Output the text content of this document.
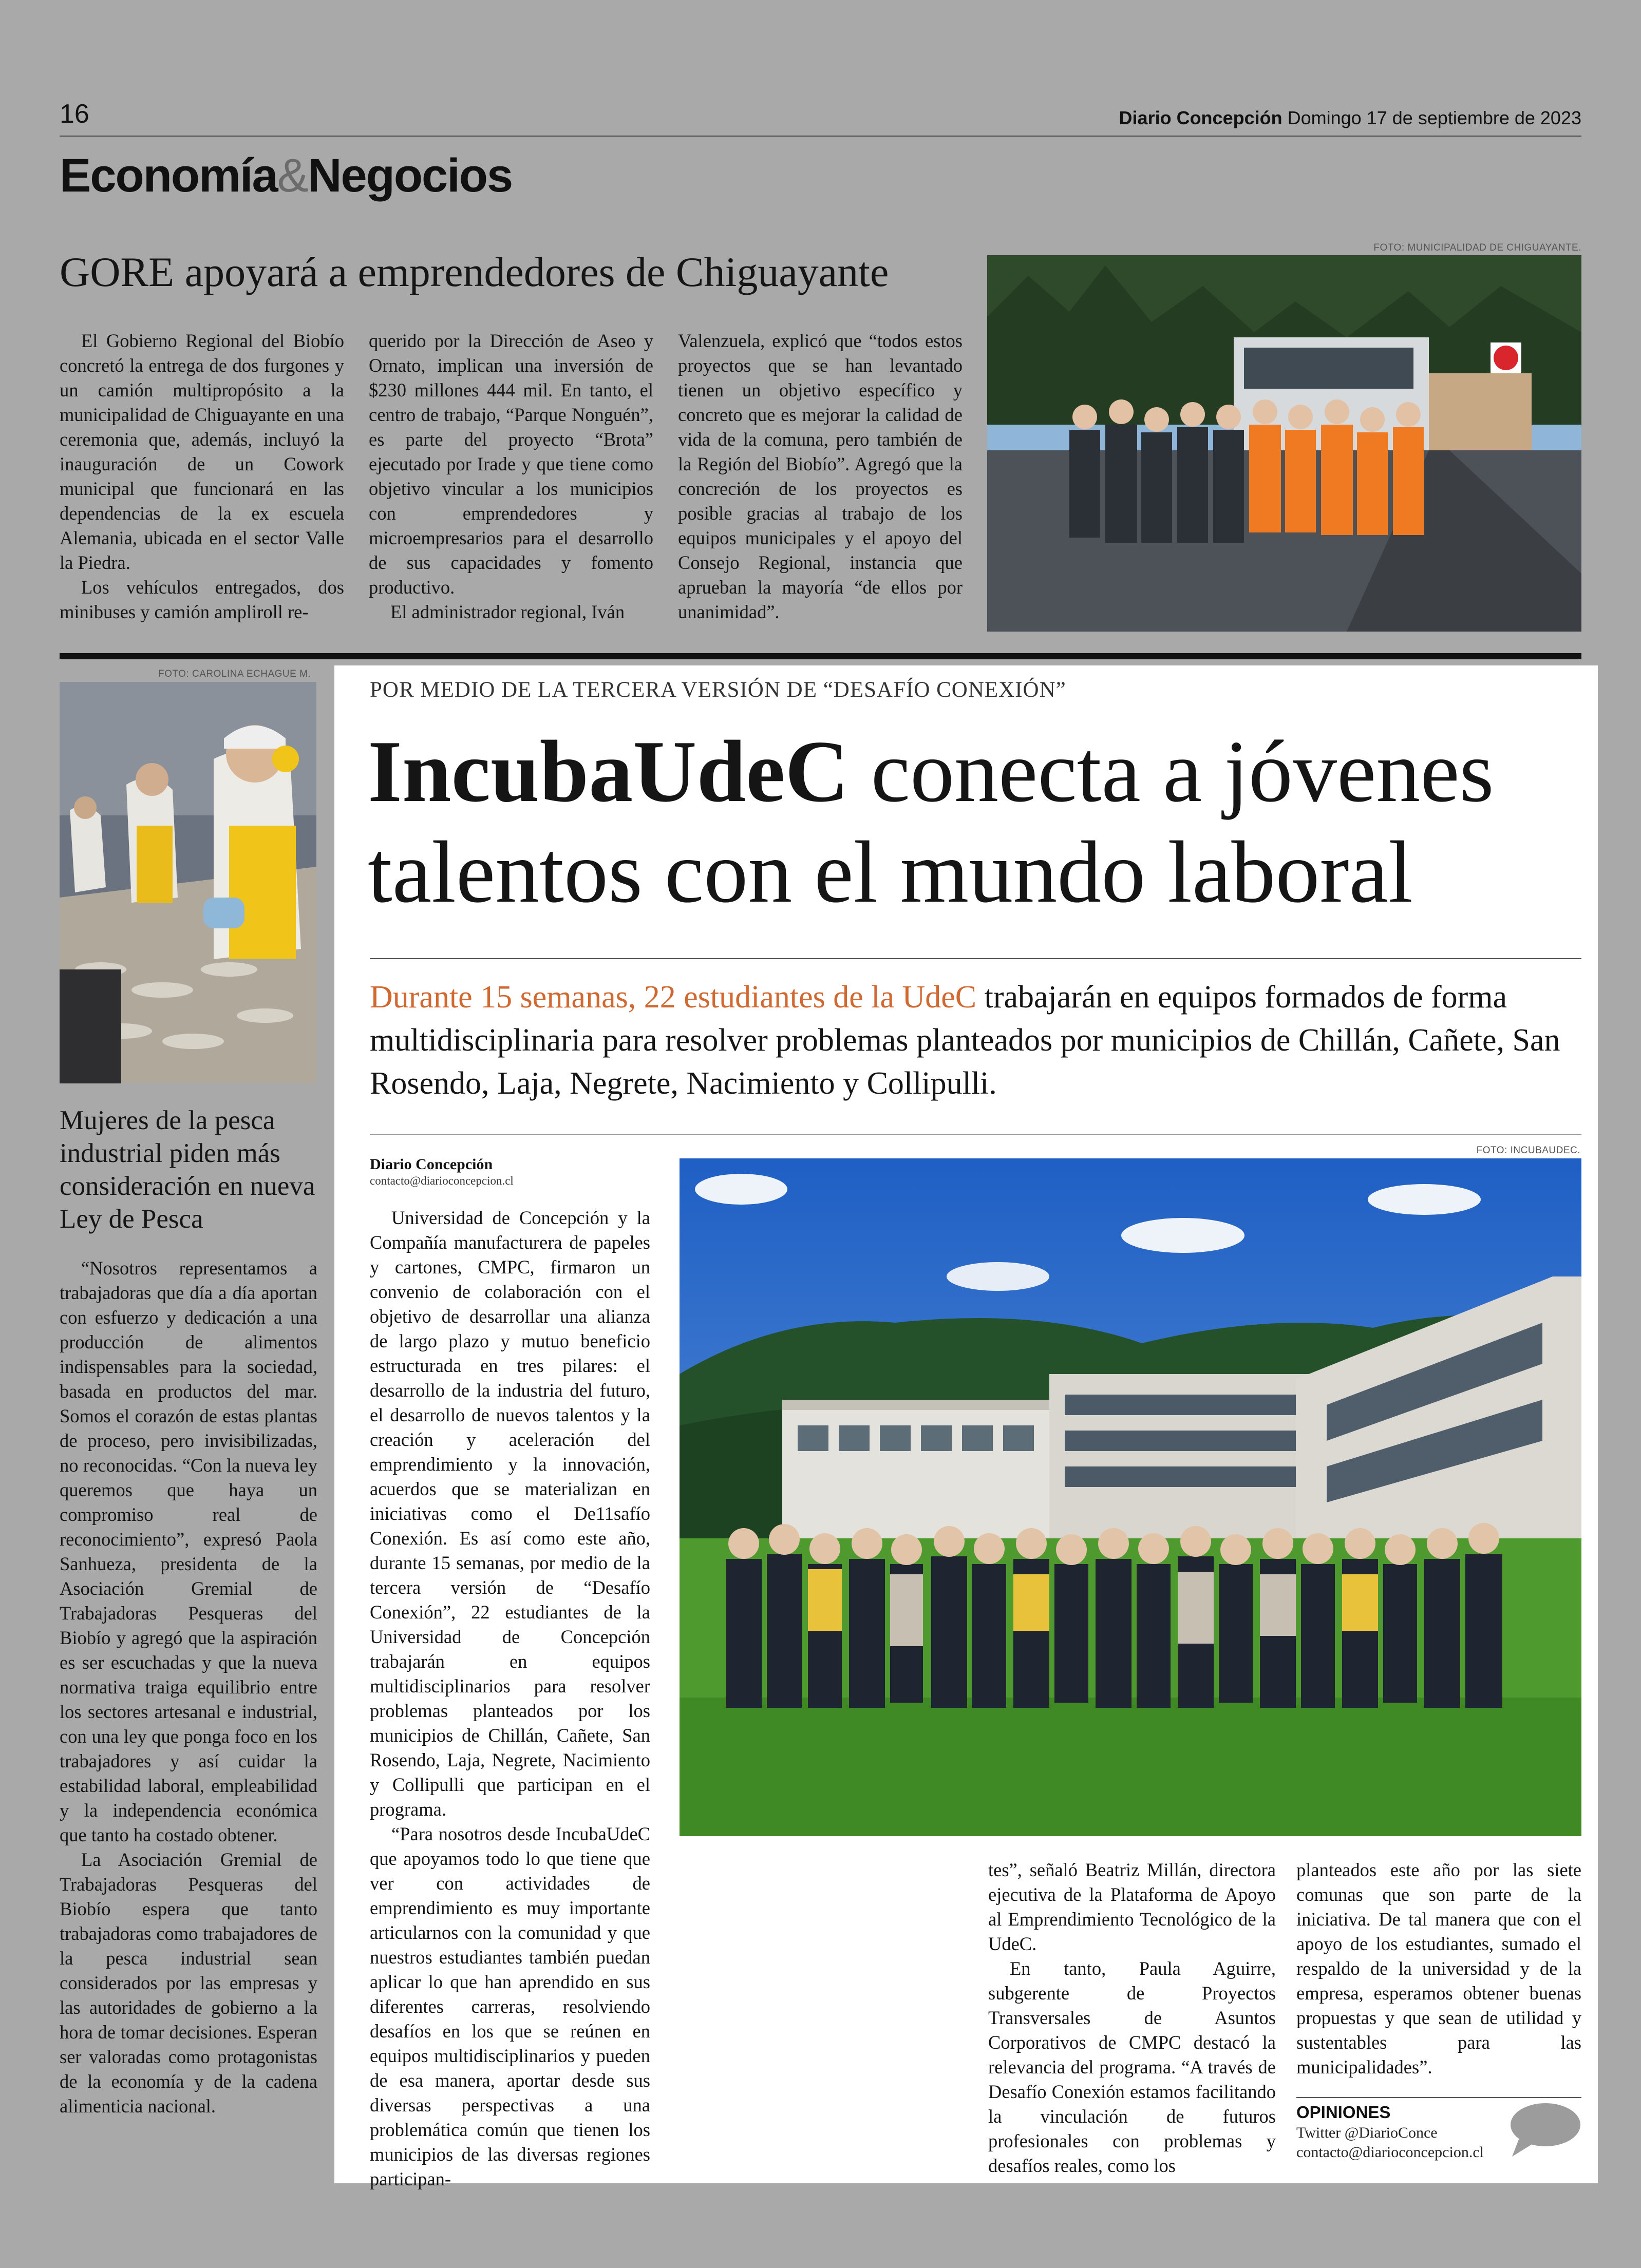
16	Diario Concepción Domingo 17 de septiembre de 2023
Economía&Negocios
GORE apoyará a emprendedores de Chiguayante

El Gobierno Regional del Biobío concretó la entrega de dos furgones y un camión multipropósito a la municipalidad de Chiguayante en una ceremonia que, además, incluyó la inauguración de un Cowork municipal que funcionará en las dependencias de la ex escuela Alemania, ubicada en el sector Valle la Piedra.

Los vehículos entregados, dos minibuses y camión ampliroll re-

querido por la Dirección de Aseo y Ornato, implican una inversión de $230 millones 444 mil. En tanto, el centro de trabajo, “Parque Nonguén”, es parte del proyecto “Brota” ejecutado por Irade y que tiene como objetivo vincular a los municipios con emprendedores y microempresarios para el desarrollo de sus capacidades y fomento productivo.

El administrador regional, Iván

Valenzuela, explicó que “todos estos proyectos que se han levantado tienen un objetivo específico y concreto que es mejorar la calidad de vida de la comuna, pero también de la Región del Biobío”. Agregó que la concreción de los proyectos es posible gracias al trabajo de los equipos municipales y el apoyo del Consejo Regional, instancia que aprueban la mayoría “de ellos por unanimidad”.

FOTO: MUNICIPALIDAD DE CHIGUAYANTE.
FOTO: CAROLINA ECHAGUE M.
Mujeres de la pesca industrial piden más consideración en nueva Ley de Pesca

“Nosotros representamos a trabajadoras que día a día aportan con esfuerzo y dedicación a una producción de alimentos indispensables para la sociedad, basada en productos del mar. Somos el corazón de estas plantas de proceso, pero invisibilizadas, no reconocidas. “Con la nueva ley queremos que haya un compromiso real de reconocimiento”, expresó Paola Sanhueza, presidenta de la Asociación Gremial de Trabajadoras Pesqueras del Biobío y agregó que la aspiración es ser escuchadas y que la nueva normativa traiga equilibrio entre los sectores artesanal e industrial, con una ley que ponga foco en los trabajadores y así cuidar la estabilidad laboral, empleabilidad y la independencia económica que tanto ha costado obtener.

La Asociación Gremial de Trabajadoras Pesqueras del Biobío espera que tanto trabajadoras como trabajadores de la pesca industrial sean considerados por las empresas y las autoridades de gobierno a la hora de tomar decisiones. Esperan ser valoradas como protagonistas de la economía y de la cadena alimenticia nacional.

POR MEDIO DE LA TERCERA VERSIÓN DE “DESAFÍO CONEXIÓN”
IncubaUdeC conecta a jóvenes
talentos con el mundo laboral
Durante 15 semanas, 22 estudiantes de la UdeC trabajarán en equipos formados de forma multidisciplinaria para resolver problemas planteados por municipios de Chillán, Cañete, San Rosendo, Laja, Negrete, Nacimiento y Collipulli.
Diario Concepción
contacto@diarioconcepcion.cl
FOTO: INCUBAUDEC.

Universidad de Concepción y la Compañía manufacturera de papeles y cartones, CMPC, firmaron un convenio de colaboración con el objetivo de desarrollar una alianza de largo plazo y mutuo beneficio estructurada en tres pilares: el desarrollo de la industria del futuro, el desarrollo de nuevos talentos y la creación y aceleración del emprendimiento y la innovación, acuerdos que se materializan en iniciativas como el De11safío Conexión. Es así como este año, durante 15 semanas, por medio de la tercera versión de “Desafío Conexión”, 22 estudiantes de la Universidad de Concepción trabajarán en equipos multidisciplinarios para resolver problemas planteados por los municipios de Chillán, Cañete, San Rosendo, Laja, Negrete, Nacimiento y Collipulli que participan en el programa.

“Para nosotros desde IncubaUdeC que apoyamos todo lo que tiene que ver con actividades de emprendimiento es muy importante articularnos con la comunidad y que nuestros estudiantes también puedan aplicar lo que han aprendido en sus diferentes carreras, resolviendo desafíos en los que se reúnen en equipos multidisciplinarios y pueden de esa manera, aportar desde sus diversas perspectivas a una problemática común que tienen los municipios de las diversas regiones participan-

tes”, señaló Beatriz Millán, directora ejecutiva de la Plataforma de Apoyo al Emprendimiento Tecnológico de la UdeC.

En tanto, Paula Aguirre, subgerente de Proyectos Transversales de Asuntos Corporativos de CMPC destacó la relevancia del programa. “A través de Desafío Conexión estamos facilitando la vinculación de futuros profesionales con problemas y desafíos reales, como los

planteados este año por las siete comunas que son parte de la iniciativa. De tal manera que con el apoyo de los estudiantes, sumado el respaldo de la universidad y de la empresa, esperamos obtener buenas propuestas y que sean de utilidad y sustentables para las municipalidades”.

OPINIONES
Twitter @DiarioConce
contacto@diarioconcepcion.cl
